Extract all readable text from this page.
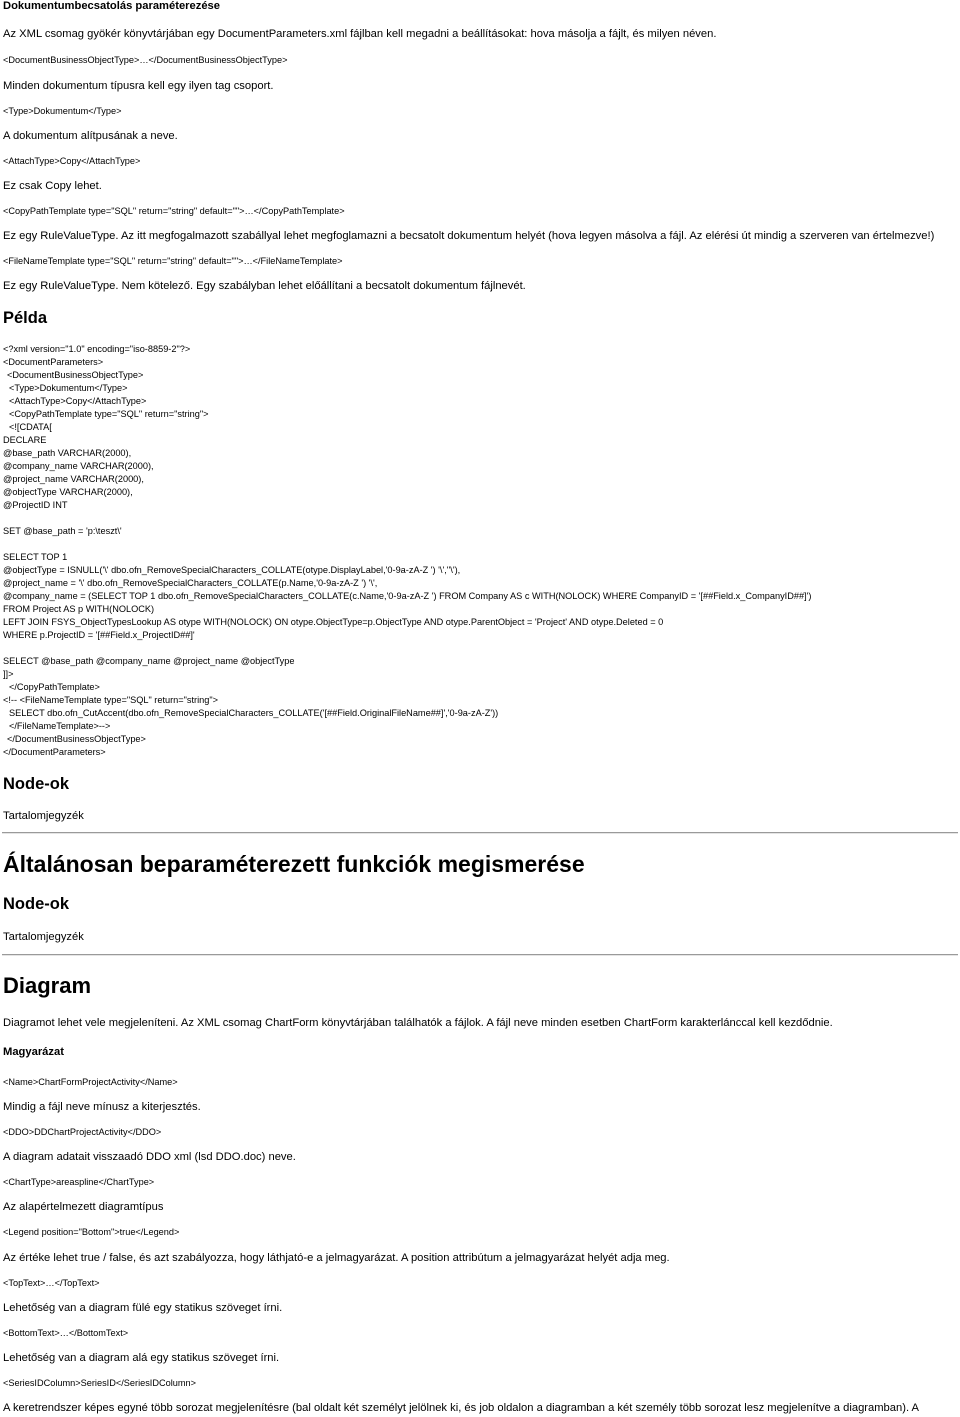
Dokumentumbecsatolás paraméterezése
Az XML csomag gyökér könyvtárjában egy DocumentParameters.xml fájlban kell megadni a beállításokat: hova másolja a fájlt, és milyen néven.
<DocumentBusinessObjectType>…</DocumentBusinessObjectType>
Minden dokumentum típusra kell egy ilyen tag csoport.
<Type>Dokumentum</Type>
A dokumentum alítpusának a neve.
<AttachType>Copy</AttachType>
Ez csak Copy lehet.
<CopyPathTemplate type="SQL" return="string" default="">…</CopyPathTemplate>
Ez egy RuleValueType. Az itt megfogalmazott szabállyal lehet megfoglamazni a becsatolt dokumentum helyét (hova legyen másolva a fájl. Az elérési út mindig a szerveren van értelmezve!)
<FileNameTemplate type="SQL" return="string" default="">…</FileNameTemplate>
Ez egy RuleValueType. Nem kötelező. Egy szabályban lehet előállítani a becsatolt dokumentum fájlnevét.
Példa
<?xml version="1.0" encoding="iso-8859-2"?>
<DocumentParameters>
<DocumentBusinessObjectType>
<Type>Dokumentum</Type>
<AttachType>Copy</AttachType>
<CopyPathTemplate type="SQL" return="string">
<![CDATA[
DECLARE
@base_path VARCHAR(2000),
@company_name VARCHAR(2000),
@project_name VARCHAR(2000),
@objectType VARCHAR(2000),
@ProjectID INT
SET @base_path = 'p:\teszt\'
SELECT TOP 1
@objectType = ISNULL('\' dbo.ofn_RemoveSpecialCharacters_COLLATE(otype.DisplayLabel,'0-9a-zA-Z ') '\',''\'),
@project_name = '\' dbo.ofn_RemoveSpecialCharacters_COLLATE(p.Name,'0-9a-zA-Z ') '\',
@company_name = (SELECT TOP 1 dbo.ofn_RemoveSpecialCharacters_COLLATE(c.Name,'0-9a-zA-Z ') FROM Company AS c WITH(NOLOCK) WHERE CompanyID = '[##Field.x_CompanyID##]')
FROM Project AS p WITH(NOLOCK)
LEFT JOIN FSYS_ObjectTypesLookup AS otype WITH(NOLOCK) ON otype.ObjectType=p.ObjectType AND otype.ParentObject = 'Project' AND otype.Deleted = 0
WHERE p.ProjectID = '[##Field.x_ProjectID##]'
SELECT @base_path @company_name @project_name @objectType
]]>
</CopyPathTemplate>
<!-- <FileNameTemplate type="SQL" return="string">
SELECT dbo.ofn_CutAccent(dbo.ofn_RemoveSpecialCharacters_COLLATE('[##Field.OriginalFileName##]','0-9a-zA-Z'))
</FileNameTemplate>-->
</DocumentBusinessObjectType>
</DocumentParameters>
Node-ok
Tartalomjegyzék
Általánosan beparaméterezett funkciók megismerése
Node-ok
Tartalomjegyzék
Diagram
Diagramot lehet vele megjeleníteni. Az XML csomag ChartForm könyvtárjában találhatók a fájlok. A fájl neve minden esetben ChartForm karakterlánccal kell kezdődnie.
Magyarázat
<Name>ChartFormProjectActivity</Name>
Mindig a fájl neve mínusz a kiterjesztés.
<DDO>DDChartProjectActivity</DDO>
A diagram adatait visszaadó DDO xml (lsd DDO.doc) neve.
<ChartType>areaspline</ChartType>
Az alapértelmezett diagramtípus
<Legend position="Bottom">true</Legend>
Az értéke lehet true / false, és azt szabályozza, hogy láthjató-e a jelmagyarázat. A position attribútum a jelmagyarázat helyét adja meg.
<TopText>…</TopText>
Lehetőség van a diagram fülé egy statikus szöveget írni.
<BottomText>…</BottomText>
Lehetőség van a diagram alá egy statikus szöveget írni.
<SeriesIDColumn>SeriesID</SeriesIDColumn>
A keretrendszer képes egyné több sorozat megjelenítésre (bal oldalt két személyt jelölnek ki, és job oldalon a diagramban a két személy több sorozat lesz megjelenítve a diagramban). A
